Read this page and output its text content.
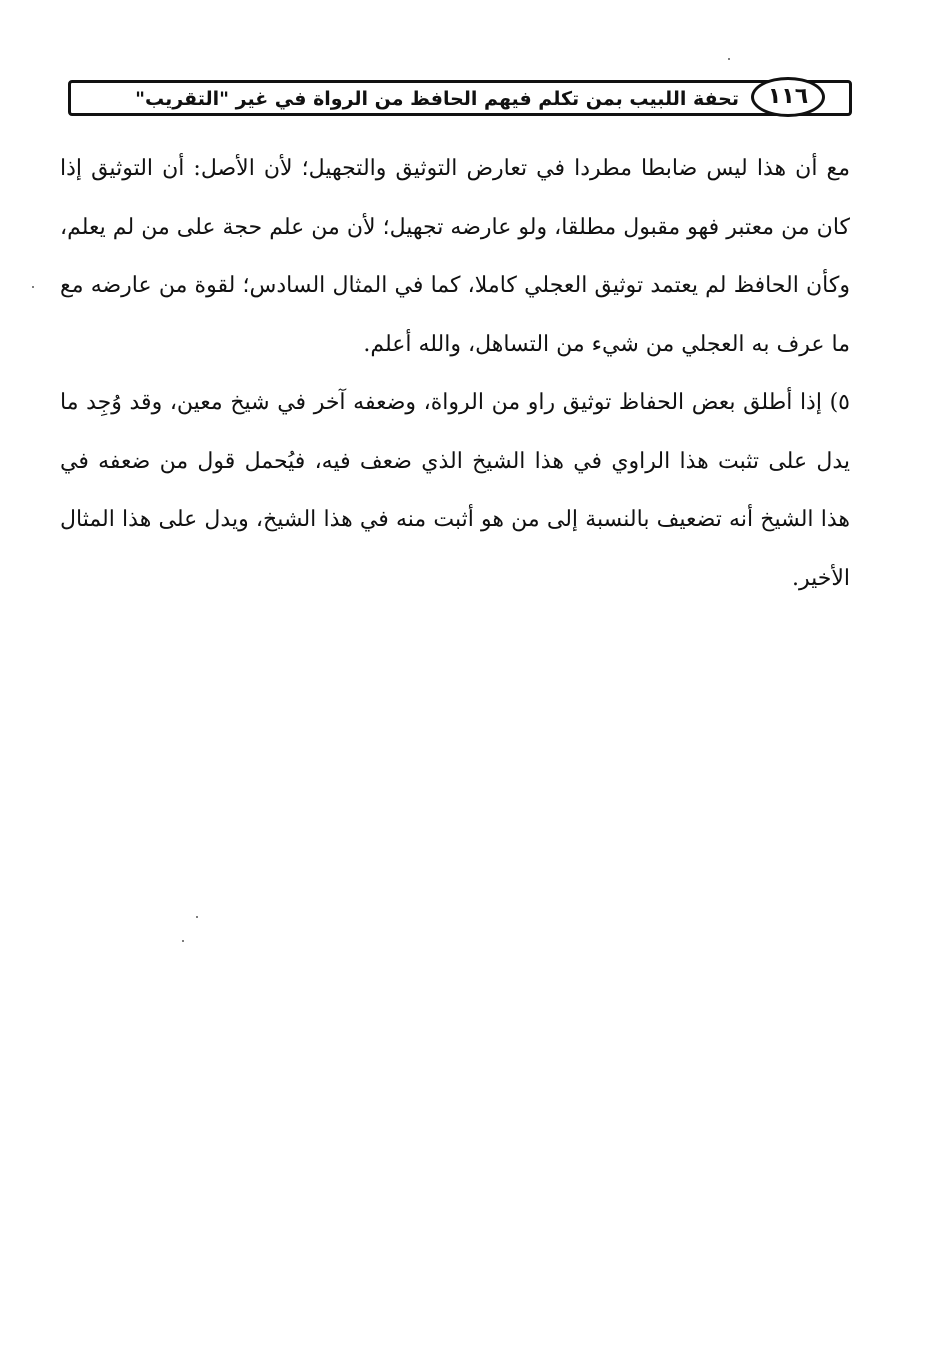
تحفة اللبيب بمن تكلم فيهم الحافظ من الرواة في غير "التقريب"	١١٦

مع أن هذا ليس ضابطا مطردا في تعارض التوثيق والتجهيل؛ لأن الأصل: أن التوثيق إذا كان من معتبر فهو مقبول مطلقا، ولو عارضه تجهيل؛ لأن من علم حجة على من لم يعلم، وكأن الحافظ لم يعتمد توثيق العجلي كاملا، كما في المثال السادس؛ لقوة من عارضه مع ما عرف به العجلي من شيء من التساهل، والله أعلم.

٥) إذا أطلق بعض الحفاظ توثيق راو من الرواة، وضعفه آخر في شيخ معين، وقد وُجِد ما يدل على تثبت هذا الراوي في هذا الشيخ الذي ضعف فيه، فيُحمل قول من ضعفه في هذا الشيخ أنه تضعيف بالنسبة إلى من هو أثبت منه في هذا الشيخ، ويدل على هذا المثال الأخير.
